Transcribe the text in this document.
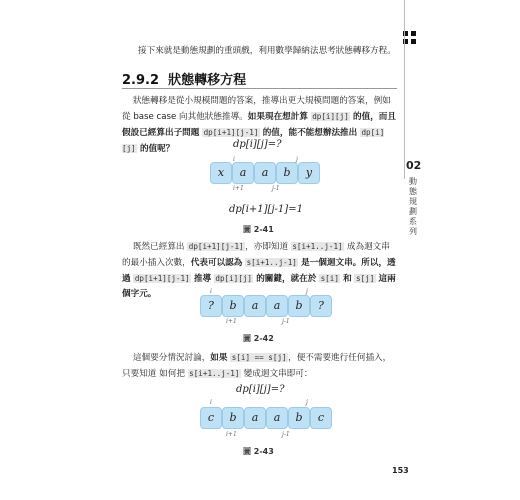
02
動態規劃系列
接下來就是動態規劃的重頭戲，利用數學歸納法思考狀態轉移方程。
2.9.2 狀態轉移方程
狀態轉移是從小規模問題的答案，推導出更大規模問題的答案，例如從 base case 向其他狀態推導。如果現在想計算 dp[i][j] 的值，而且假設已經算出子問題 dp[i+1][j-1] 的值，能不能想辦法推出 dp[i][j] 的值呢？	dp[i][j]=?
i	j
x	a	a	b	y
i+1	j-1
dp[i+1][j-1]=1
圖 2-41
既然已經算出 dp[i+1][j-1] ，亦即知道 s[i+1..j-1] 成為迴文串的最小插入次數，代表可以認為 s[i+1..j-1] 是一個迴文串。所以，透過 dp[i+1][j-1] 推導 dp[i][j] 的關鍵，就在於 s[i] 和 s[j] 這兩個字元。	i	j
?	b	a	a	b	?
i+1	j-1
圖 2-42
這個要分情況討論，如果 s[i] == s[j] ，便不需要進行任何插入，只要知道 如何把 s[i+1..j-1] 變成迴文串即可：
dp[i][j]=?
i	j
c	b	a	a	b	c
i+1	j-1
圖 2-43
153
